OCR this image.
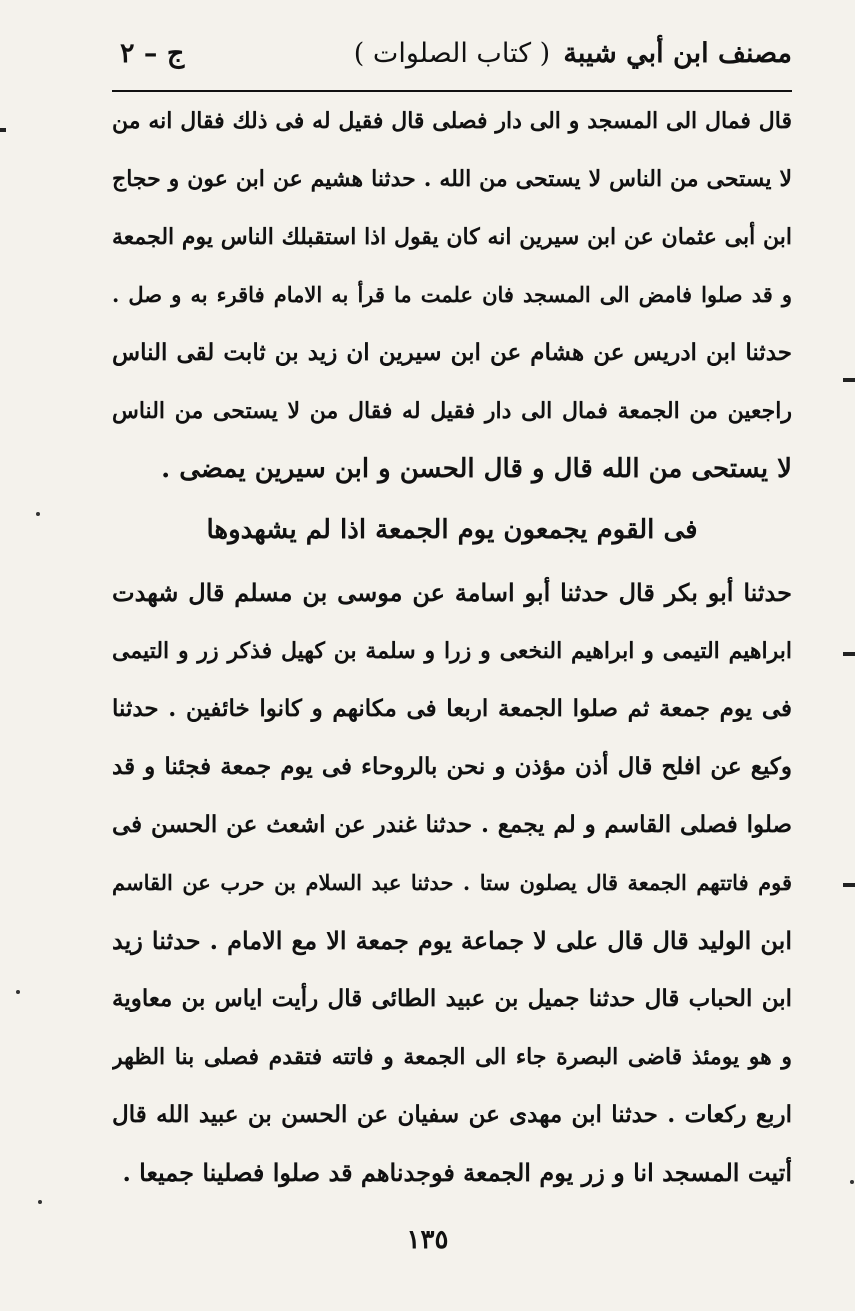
مصنف ابن أبي شيبة
( كتاب الصلوات )
ج – ٢
قال فمال الى المسجد و الى دار فصلى قال فقيل له فى ذلك فقال انه من
لا يستحى من الناس لا يستحى من الله . حدثنا هشيم عن ابن عون و حجاج
ابن أبى عثمان عن ابن سيرين انه كان يقول اذا استقبلك الناس يوم الجمعة
و قد صلوا فامض الى المسجد فان علمت ما قرأ به الامام فاقرء به و صل .
حدثنا ابن ادريس عن هشام عن ابن سيرين ان زيد بن ثابت لقى الناس
راجعين من الجمعة فمال الى دار فقيل له فقال من لا يستحى من الناس
لا يستحى من الله قال و قال الحسن و ابن سيرين يمضى .
فى القوم يجمعون يوم الجمعة اذا لم يشهدوها
حدثنا أبو بكر قال حدثنا أبو اسامة عن موسى بن مسلم قال شهدت
ابراهيم التيمى و ابراهيم النخعى و زرا و سلمة بن كهيل فذكر زر و التيمى
فى يوم جمعة ثم صلوا الجمعة اربعا فى مكانهم و كانوا خائفين . حدثنا
وكيع عن افلح قال أذن مؤذن و نحن بالروحاء فى يوم جمعة فجئنا و قد
صلوا فصلى القاسم و لم يجمع . حدثنا غندر عن اشعث عن الحسن فى
قوم فاتتهم الجمعة قال يصلون ستا . حدثنا عبد السلام بن حرب عن القاسم
ابن الوليد قال قال على لا جماعة يوم جمعة الا مع الامام . حدثنا زيد
ابن الحباب قال حدثنا جميل بن عبيد الطائى قال رأيت اياس بن معاوية
و هو يومئذ قاضى البصرة جاء الى الجمعة و فاتته فتقدم فصلى بنا الظهر
اربع ركعات . حدثنا ابن مهدى عن سفيان عن الحسن بن عبيد الله قال
أتيت المسجد انا و زر يوم الجمعة فوجدناهم قد صلوا فصلينا جميعا .
١٣٥
